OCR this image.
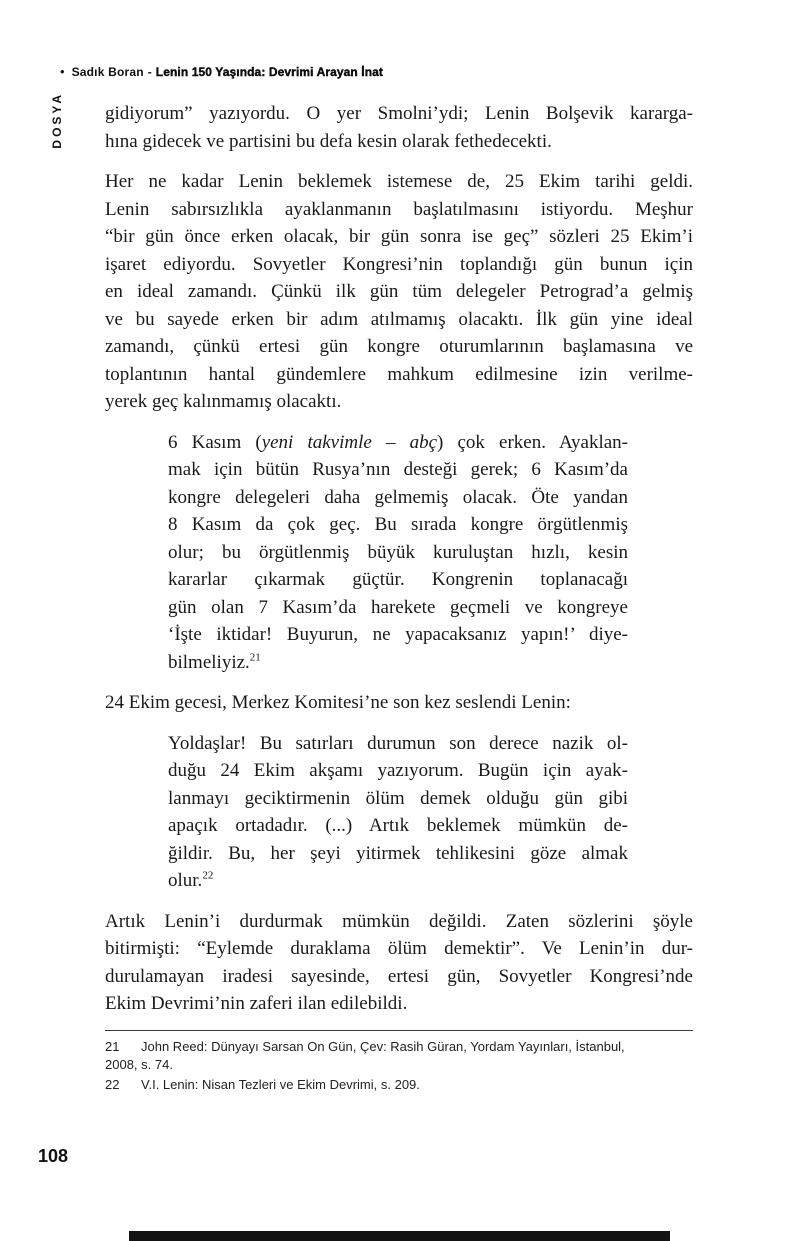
• Sadık Boran - Lenin 150 Yaşında: Devrimi Arayan İnat
DOSYA gidiyorum” yazıyordu. O yer Smolni’ydi; Lenin Bolşevik kararga-
hına gidecek ve partisini bu defa kesin olarak fethedecekti.
Her ne kadar Lenin beklemek istemese de, 25 Ekim tarihi geldi.
Lenin sabırsızlıkla ayaklanmanın başlatılmasını istiyordu. Meşhur
“bir gün önce erken olacak, bir gün sonra ise geç” sözleri 25 Ekim’i
işaret ediyordu. Sovyetler Kongresi’nin toplandığı gün bunun için
en ideal zamandı. Çünkü ilk gün tüm delegeler Petrograd’a gelmiş
ve bu sayede erken bir adım atılmamış olacaktı. İlk gün yine ideal
zamandı, çünkü ertesi gün kongre oturumlarının başlamasına ve
toplantının hantal gündemlere mahkum edilmesine izin verilme-
yerek geç kalınmamış olacaktı.
6 Kasım (yeni takvimle – abç) çok erken. Ayaklan-
mak için bütün Rusya’nın desteği gerek; 6 Kasım’da
kongre delegeleri daha gelmemiş olacak. Öte yandan
8 Kasım da çok geç. Bu sırada kongre örgütlenmiş
olur; bu örgütlenmiş büyük kuruluştan hızlı, kesin
kararlar çıkarmak güçtür. Kongrenin toplanacağı
gün olan 7 Kasım’da harekete geçmeli ve kongreye
‘İşte iktidar! Buyurun, ne yapacaksanız yapın!’ diye-
bilmeliyiz.$^{21}$
24 Ekim gecesi, Merkez Komitesi’ne son kez seslendi Lenin:
Yoldaşlar! Bu satırları durumun son derece nazik ol-
duğu 24 Ekim akşamı yazıyorum. Bugün için ayak-
lanmayı geciktirmenin ölüm demek olduğu gün gibi
apaçık ortadadır. (...) Artık beklemek mümkün de-
ğildir. Bu, her şeyi yitirmek tehlikesini göze almak
olur.$^{22}$
Artık Lenin’i durdurmak mümkün değildi. Zaten sözlerini şöyle
bitirmişti: “Eylemde duraklama ölüm demektir”. Ve Lenin’in dur-
durulamayan iradesi sayesinde, ertesi gün, Sovyetler Kongresi’nde
Ekim Devrimi’nin zaferi ilan edilebildi.
21 John Reed: Dünyayı Sarsan On Gün, Çev: Rasih Güran, Yordam Yayınları, İstanbul,
2008, s. 74.
22 V.I. Lenin: Nisan Tezleri ve Ekim Devrimi, s. 209.
108
